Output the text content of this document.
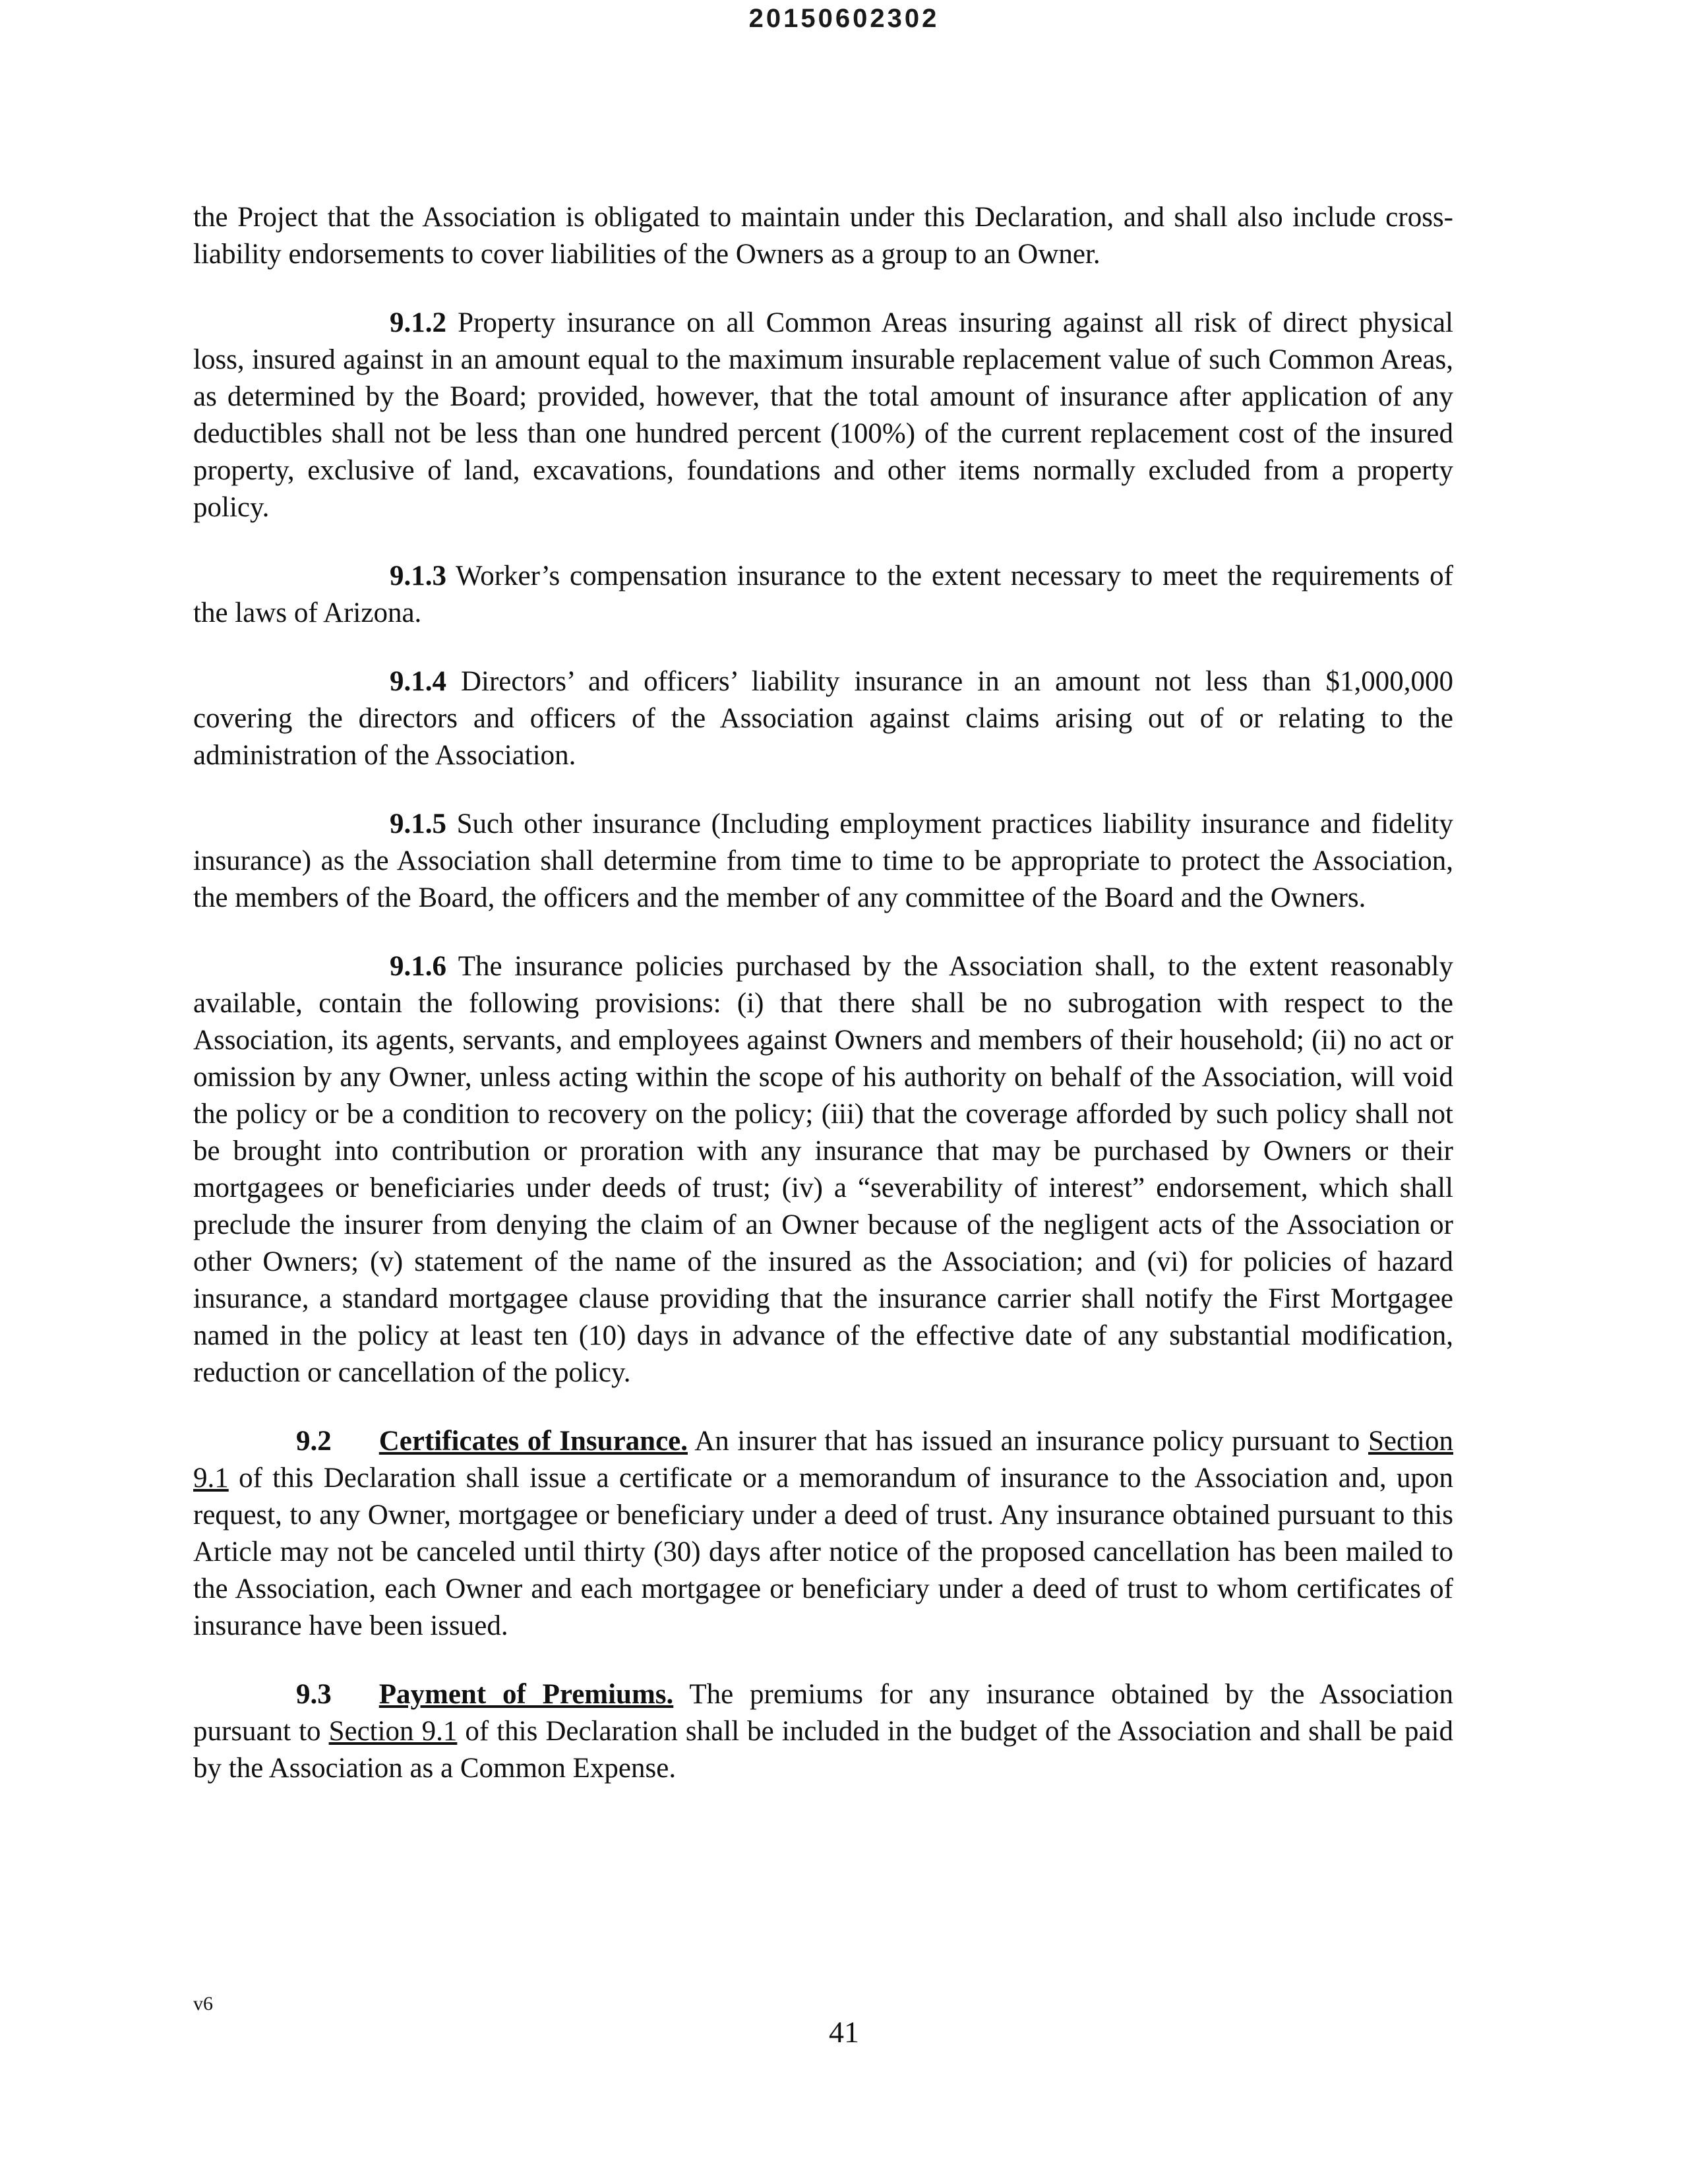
20150602302

the Project that the Association is obligated to maintain under this Declaration, and shall also include cross-liability endorsements to cover liabilities of the Owners as a group to an Owner.

9.1.2 Property insurance on all Common Areas insuring against all risk of direct physical loss, insured against in an amount equal to the maximum insurable replacement value of such Common Areas, as determined by the Board; provided, however, that the total amount of insurance after application of any deductibles shall not be less than one hundred percent (100%) of the current replacement cost of the insured property, exclusive of land, excavations, foundations and other items normally excluded from a property policy.

9.1.3 Worker’s compensation insurance to the extent necessary to meet the requirements of the laws of Arizona.

9.1.4 Directors’ and officers’ liability insurance in an amount not less than $1,000,000 covering the directors and officers of the Association against claims arising out of or relating to the administration of the Association.

9.1.5 Such other insurance (Including employment practices liability insurance and fidelity insurance) as the Association shall determine from time to time to be appropriate to protect the Association, the members of the Board, the officers and the member of any committee of the Board and the Owners.

9.1.6 The insurance policies purchased by the Association shall, to the extent reasonably available, contain the following provisions: (i) that there shall be no subrogation with respect to the Association, its agents, servants, and employees against Owners and members of their household; (ii) no act or omission by any Owner, unless acting within the scope of his authority on behalf of the Association, will void the policy or be a condition to recovery on the policy; (iii) that the coverage afforded by such policy shall not be brought into contribution or proration with any insurance that may be purchased by Owners or their mortgagees or beneficiaries under deeds of trust; (iv) a “severability of interest” endorsement, which shall preclude the insurer from denying the claim of an Owner because of the negligent acts of the Association or other Owners; (v) statement of the name of the insured as the Association; and (vi) for policies of hazard insurance, a standard mortgagee clause providing that the insurance carrier shall notify the First Mortgagee named in the policy at least ten (10) days in advance of the effective date of any substantial modification, reduction or cancellation of the policy.

9.2 Certificates of Insurance. An insurer that has issued an insurance policy pursuant to Section 9.1 of this Declaration shall issue a certificate or a memorandum of insurance to the Association and, upon request, to any Owner, mortgagee or beneficiary under a deed of trust. Any insurance obtained pursuant to this Article may not be canceled until thirty (30) days after notice of the proposed cancellation has been mailed to the Association, each Owner and each mortgagee or beneficiary under a deed of trust to whom certificates of insurance have been issued.

9.3 Payment of Premiums. The premiums for any insurance obtained by the Association pursuant to Section 9.1 of this Declaration shall be included in the budget of the Association and shall be paid by the Association as a Common Expense.

v6
41
